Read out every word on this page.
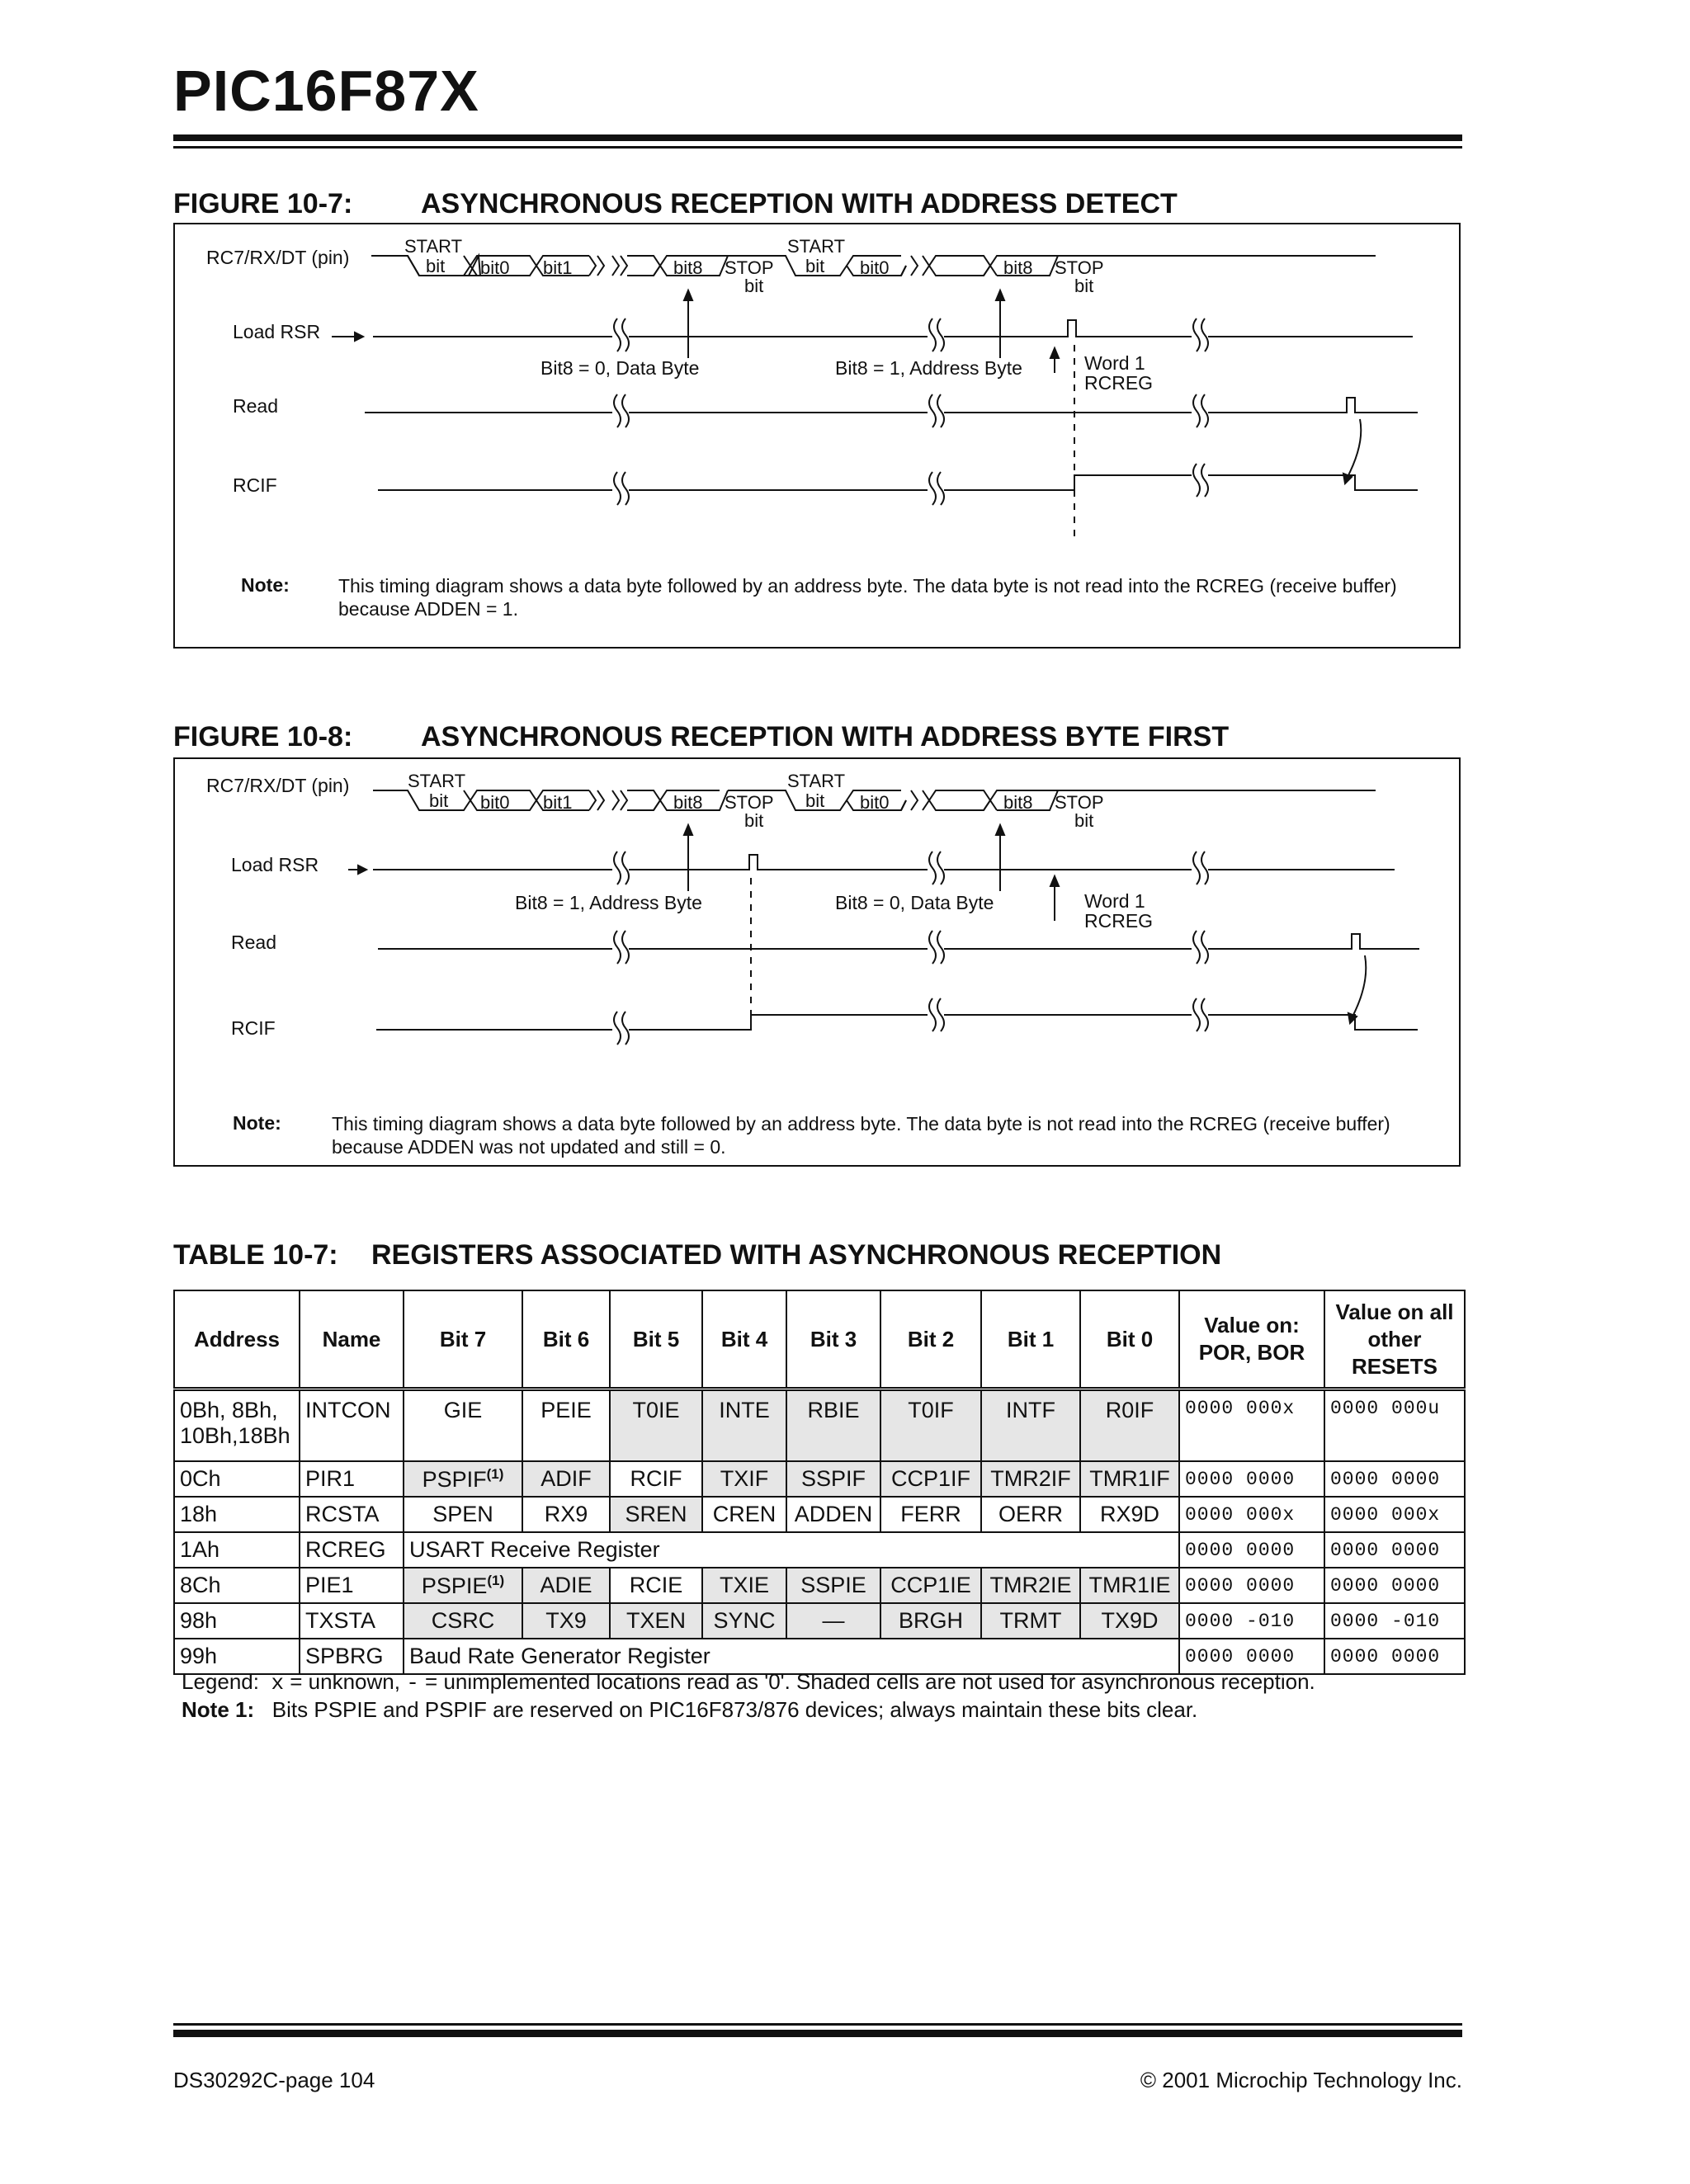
PIC16F87X
FIGURE 10-7: ASYNCHRONOUS RECEPTION WITH ADDRESS DETECT
START
bit bit0 bit1	bit8 STOP
bit
START
bit bit0	bit8 STOP
bit
RC7/RX/DT (pin)
Load RSR
Read
RCIF
Bit8 = 0, Data Byte	Bit8 = 1, Address Byte	Word 1
RCREG
Note:	This timing diagram shows a data byte followed by an address byte. The data byte is not read into the RCREG (receive buffer) because ADDEN = 1.
FIGURE 10-8: ASYNCHRONOUS RECEPTION WITH ADDRESS BYTE FIRST
START
bit bit0 bit1	bit8 STOP
bit
START
bit bit0	bit8 STOP
bit
RC7/RX/DT (pin)
Load RSR
Read
RCIF
Bit8 = 1, Address Byte	Bit8 = 0, Data Byte	Word 1
RCREG
Note:	This timing diagram shows a data byte followed by an address byte. The data byte is not read into the RCREG (receive buffer) because ADDEN was not updated and still = 0.
TABLE 10-7: REGISTERS ASSOCIATED WITH ASYNCHRONOUS RECEPTION
Address	Name	Bit 7	Bit 6	Bit 5	Bit 4	Bit 3	Bit 2	Bit 1	Bit 0	Value on: POR, BOR	Value on all other RESETS
0Bh, 8Bh, 10Bh,18Bh	INTCON	GIE	PEIE	T0IE	INTE	RBIE	T0IF	INTF	R0IF	0000 000x	0000 000u
0Ch	PIR1	PSPIF$^{(1)}$	ADIF	RCIF	TXIF	SSPIF	CCP1IF	TMR2IF	TMR1IF	0000 0000	0000 0000
18h	RCSTA	SPEN	RX9	SREN	CREN	ADDEN	FERR	OERR	RX9D	0000 000x	0000 000x
1Ah	RCREG	USART Receive Register								0000 0000	0000 0000
8Ch	PIE1	PSPIE$^{(1)}$	ADIE	RCIE	TXIE	SSPIE	CCP1IE	TMR2IE	TMR1IE	0000 0000	0000 0000
98h	TXSTA	CSRC	TX9	TXEN	SYNC	—	BRGH	TRMT	TX9D	0000 -010	0000 -010
99h	SPBRG	Baud Rate Generator Register								0000 0000	0000 0000
Legend: x = unknown, - = unimplemented locations read as '0'. Shaded cells are not used for asynchronous reception.
Note 1: Bits PSPIE and PSPIF are reserved on PIC16F873/876 devices; always maintain these bits clear.
DS30292C-page 104	© 2001 Microchip Technology Inc.
